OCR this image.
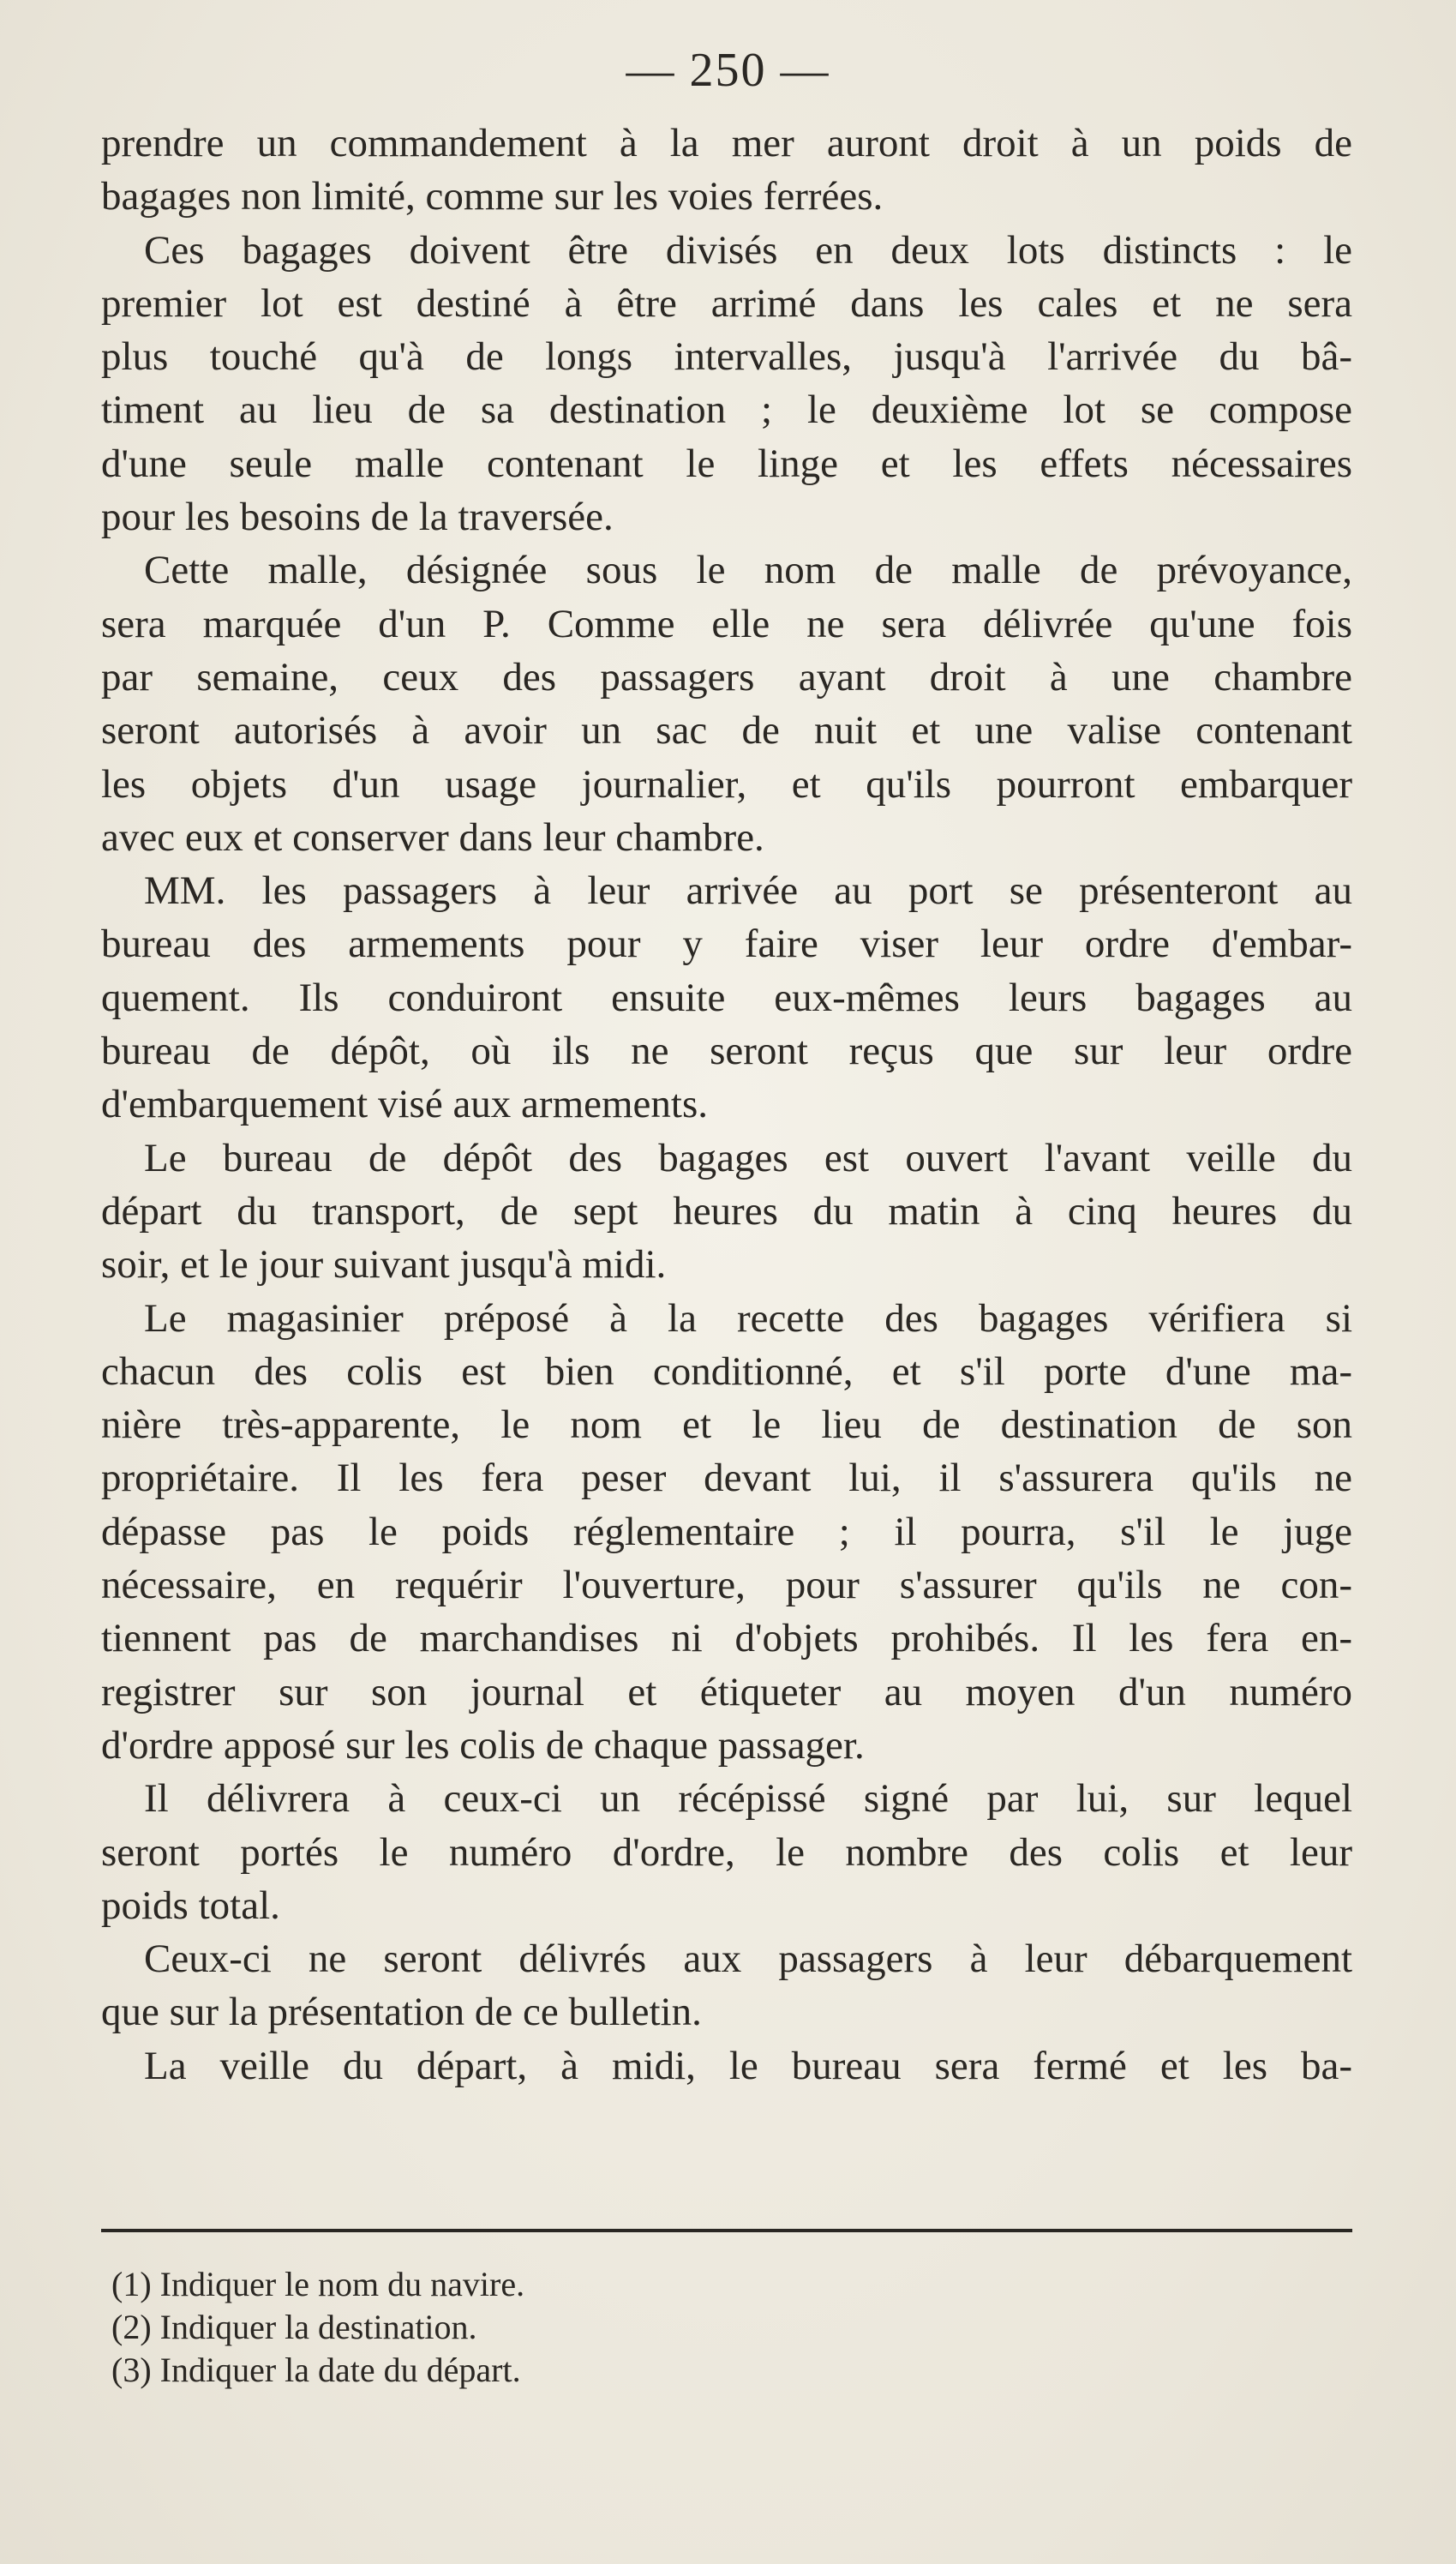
— 250 —
prendre un commandement à la mer auront droit à un poids de
bagages non limité, comme sur les voies ferrées.
Ces bagages doivent être divisés en deux lots distincts : le
premier lot est destiné à être arrimé dans les cales et ne sera
plus touché qu'à de longs intervalles, jusqu'à l'arrivée du bâ-
timent au lieu de sa destination ; le deuxième lot se compose
d'une seule malle contenant le linge et les effets nécessaires
pour les besoins de la traversée.
Cette malle, désignée sous le nom de malle de prévoyance,
sera marquée d'un P. Comme elle ne sera délivrée qu'une fois
par semaine, ceux des passagers ayant droit à une chambre
seront autorisés à avoir un sac de nuit et une valise contenant
les objets d'un usage journalier, et qu'ils pourront embarquer
avec eux et conserver dans leur chambre.
MM. les passagers à leur arrivée au port se présenteront au
bureau des armements pour y faire viser leur ordre d'embar-
quement. Ils conduiront ensuite eux-mêmes leurs bagages au
bureau de dépôt, où ils ne seront reçus que sur leur ordre
d'embarquement visé aux armements.
Le bureau de dépôt des bagages est ouvert l'avant veille du
départ du transport, de sept heures du matin à cinq heures du
soir, et le jour suivant jusqu'à midi.
Le magasinier préposé à la recette des bagages vérifiera si
chacun des colis est bien conditionné, et s'il porte d'une ma-
nière très-apparente, le nom et le lieu de destination de son
propriétaire. Il les fera peser devant lui, il s'assurera qu'ils ne
dépasse pas le poids réglementaire ; il pourra, s'il le juge
nécessaire, en requérir l'ouverture, pour s'assurer qu'ils ne con-
tiennent pas de marchandises ni d'objets prohibés. Il les fera en-
registrer sur son journal et étiqueter au moyen d'un numéro
d'ordre apposé sur les colis de chaque passager.
Il délivrera à ceux-ci un récépissé signé par lui, sur lequel
seront portés le numéro d'ordre, le nombre des colis et leur
poids total.
Ceux-ci ne seront délivrés aux passagers à leur débarquement
que sur la présentation de ce bulletin.
La veille du départ, à midi, le bureau sera fermé et les ba-
(1) Indiquer le nom du navire.
(2) Indiquer la destination.
(3) Indiquer la date du départ.
